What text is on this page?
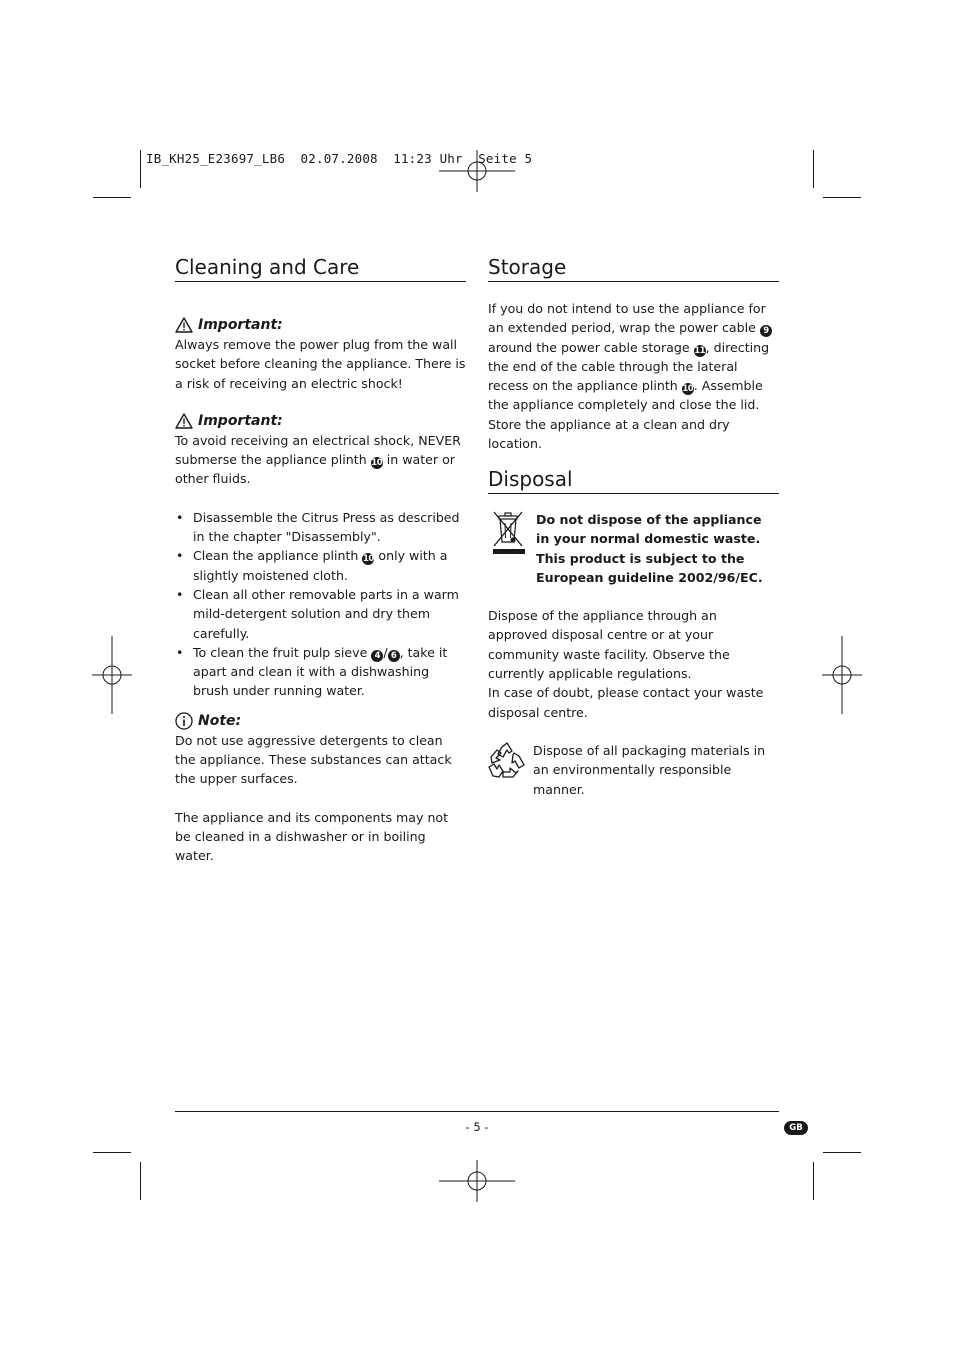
IB_KH25_E23697_LB6  02.07.2008  11:23 Uhr  Seite 5
Cleaning and Care
Important:

Always remove the power plug from the wall socket before cleaning the appliance. There is a risk of receiving an electric shock!

Important:

To avoid receiving an electrical shock, NEVER submerse the appliance plinth 10 in water or other fluids.

• Disassemble the Citrus Press as described in the chapter "Disassembly".
• Clean the appliance plinth 10 only with a slightly moistened cloth.
• Clean all other removable parts in a warm mild-detergent solution and dry them carefully.
• To clean the fruit pulp sieve 4 / 6 , take it apart and clean it with a dishwashing brush under running water.
Note:

Do not use aggressive detergents to clean the appliance. These substances can attack the upper surfaces.

The appliance and its components may not be cleaned in a dishwasher or in boiling water.

Storage

If you do not intend to use the appliance for an extended period, wrap the power cable 9 around the power cable storage 11, directing the end of the cable through the lateral recess on the appliance plinth 10. Assemble the appliance completely and close the lid. Store the appliance at a clean and dry location.

Disposal

Do not dispose of the appliance in your normal domestic waste. This product is subject to the European guideline 2002/96/EC.

Dispose of the appliance through an approved disposal centre or at your community waste facility. Observe the currently applicable regulations.

In case of doubt, please contact your waste disposal centre.

Dispose of all packaging materials in an environmentally responsible manner.

- 5 -	GB
